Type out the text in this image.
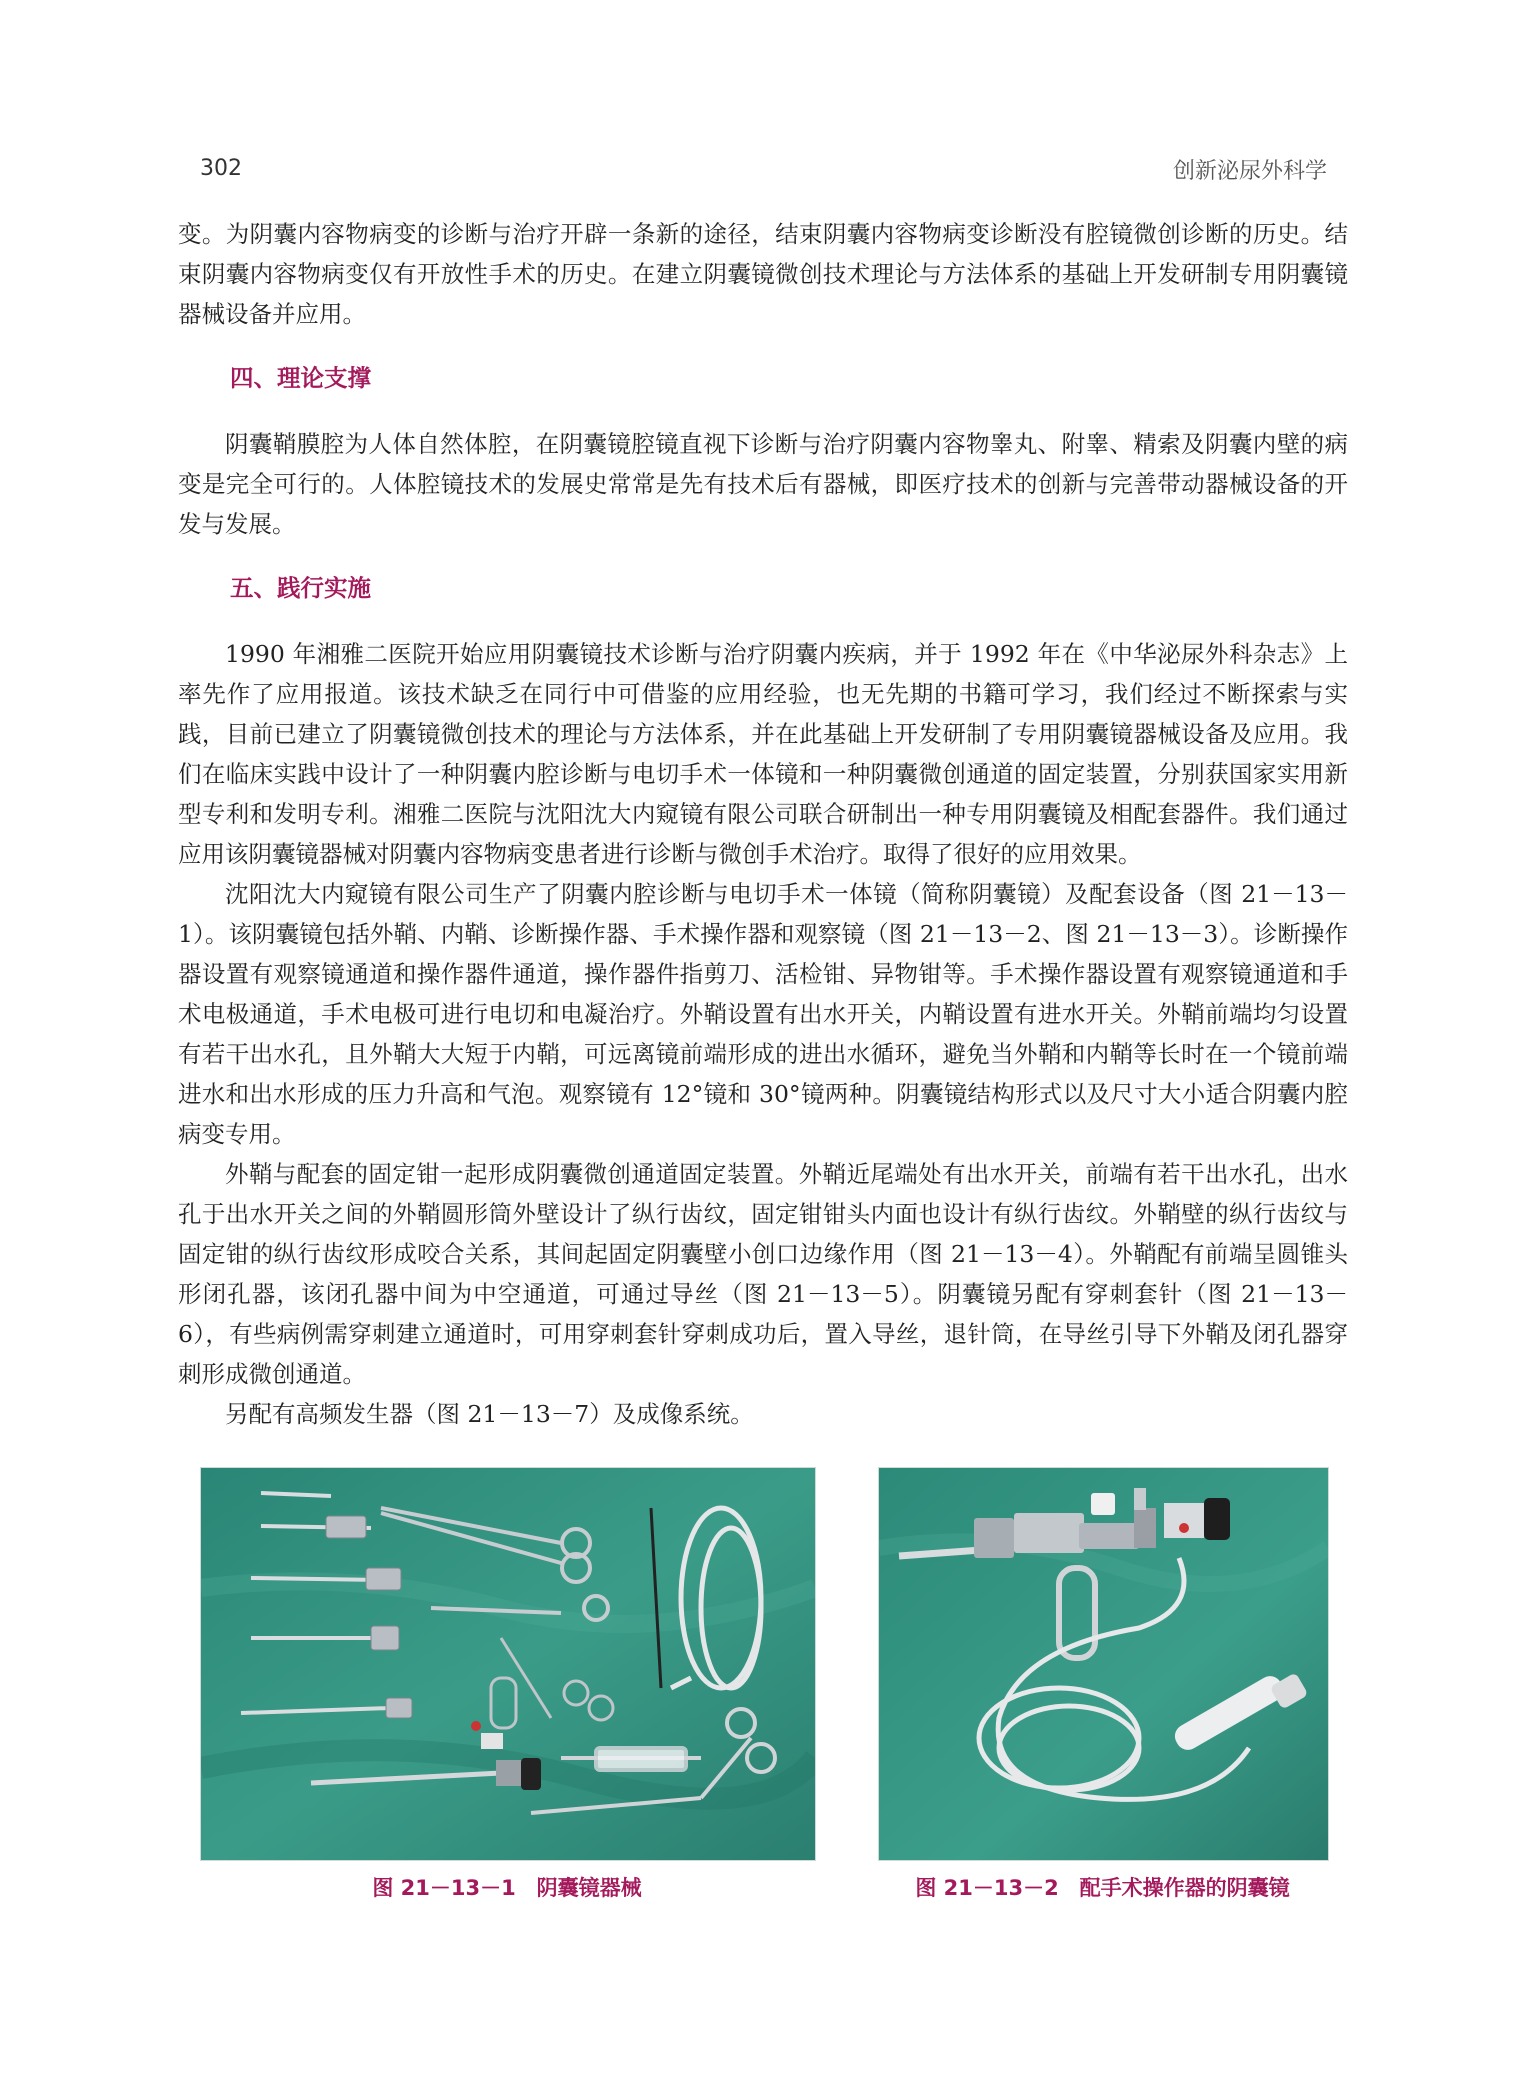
302	创新泌尿外科学

变。为阴囊内容物病变的诊断与治疗开辟一条新的途径，结束阴囊内容物病变诊断没有腔镜微创诊断的历史。结束阴囊内容物病变仅有开放性手术的历史。在建立阴囊镜微创技术理论与方法体系的基础上开发研制专用阴囊镜器械设备并应用。

四、理论支撑

阴囊鞘膜腔为人体自然体腔，在阴囊镜腔镜直视下诊断与治疗阴囊内容物睾丸、附睾、精索及阴囊内壁的病变是完全可行的。人体腔镜技术的发展史常常是先有技术后有器械，即医疗技术的创新与完善带动器械设备的开发与发展。

五、践行实施

1990 年湘雅二医院开始应用阴囊镜技术诊断与治疗阴囊内疾病，并于 1992 年在《中华泌尿外科杂志》上率先作了应用报道。该技术缺乏在同行中可借鉴的应用经验，也无先期的书籍可学习，我们经过不断探索与实践，目前已建立了阴囊镜微创技术的理论与方法体系，并在此基础上开发研制了专用阴囊镜器械设备及应用。我们在临床实践中设计了一种阴囊内腔诊断与电切手术一体镜和一种阴囊微创通道的固定装置，分别获国家实用新型专利和发明专利。湘雅二医院与沈阳沈大内窥镜有限公司联合研制出一种专用阴囊镜及相配套器件。我们通过应用该阴囊镜器械对阴囊内容物病变患者进行诊断与微创手术治疗。取得了很好的应用效果。

沈阳沈大内窥镜有限公司生产了阴囊内腔诊断与电切手术一体镜（简称阴囊镜）及配套设备（图 21－13－1）。该阴囊镜包括外鞘、内鞘、诊断操作器、手术操作器和观察镜（图 21－13－2、图 21－13－3）。诊断操作器设置有观察镜通道和操作器件通道，操作器件指剪刀、活检钳、异物钳等。手术操作器设置有观察镜通道和手术电极通道，手术电极可进行电切和电凝治疗。外鞘设置有出水开关，内鞘设置有进水开关。外鞘前端均匀设置有若干出水孔，且外鞘大大短于内鞘，可远离镜前端形成的进出水循环，避免当外鞘和内鞘等长时在一个镜前端进水和出水形成的压力升高和气泡。观察镜有 12°镜和 30°镜两种。阴囊镜结构形式以及尺寸大小适合阴囊内腔病变专用。

外鞘与配套的固定钳一起形成阴囊微创通道固定装置。外鞘近尾端处有出水开关，前端有若干出水孔，出水孔于出水开关之间的外鞘圆形筒外壁设计了纵行齿纹，固定钳钳头内面也设计有纵行齿纹。外鞘壁的纵行齿纹与固定钳的纵行齿纹形成咬合关系，其间起固定阴囊壁小创口边缘作用（图 21－13－4）。外鞘配有前端呈圆锥头形闭孔器，该闭孔器中间为中空通道，可通过导丝（图 21－13－5）。阴囊镜另配有穿刺套针（图 21－13－6），有些病例需穿刺建立通道时，可用穿刺套针穿刺成功后，置入导丝，退针筒，在导丝引导下外鞘及闭孔器穿刺形成微创通道。

另配有高频发生器（图 21－13－7）及成像系统。

图 21－13－1　阴囊镜器械	图 21－13－2　配手术操作器的阴囊镜
